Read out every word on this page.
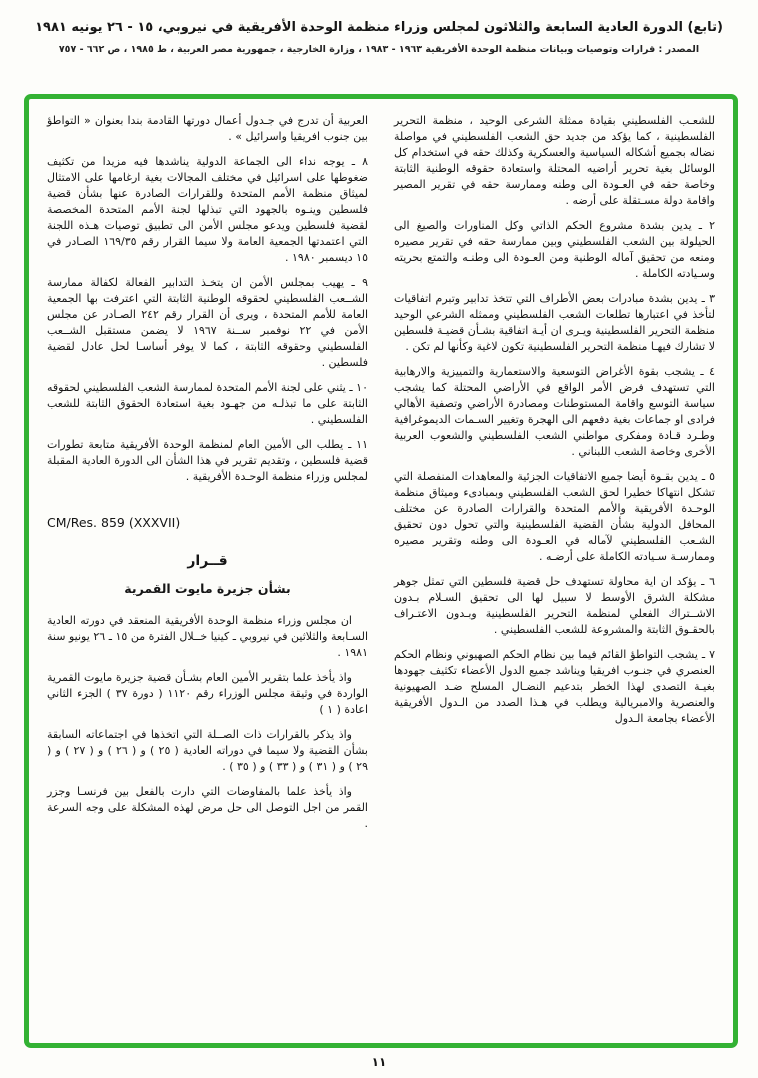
(تابع) الدورة العادية السابعة والثلاثون لمجلس وزراء منظمة الوحدة الأفريقية في نيروبي، ١٥ - ٢٦ يونيه ١٩٨١
المصدر : قرارات وتوصيات وبيانات منظمة الوحدة الأفريقية ١٩٦٣ - ١٩٨٣ ، وزارة الخارجية ، جمهورية مصر العربية ، ط ١٩٨٥ ، ص ٦٦٢ - ٧٥٧

للشعـب الفلسطيني بقيادة ممثلة الشرعى الوحيد ، منظمة التحرير الفلسطينية ، كما يؤكد من جديد حق الشعب الفلسطيني في مواصلة نضاله بجميع أشكاله السياسية والعسكرية وكذلك حقه في استخدام كل الوسائل بغية تحرير أراضيه المحتلة واستعادة حقوقه الوطنية الثابتة وخاصة حقه في العـودة الى وطنه وممارسة حقه في تقرير المصير واقامة دولة مسـتقلة على أرضه .

٢ ـ يدين بشدة مشروع الحكم الذاتي وكل المناورات والصيغ الى الحيلولة بين الشعب الفلسطيني وبين ممارسة حقه في تقرير مصيره ومنعه من تحقيق آماله الوطنية ومن العـودة الى وطنـه والتمتع بحريته وسـيادته الكاملة .

٣ ـ يدين بشدة مبادرات بعض الأطراف التي تتخذ تدابير وتبرم اتفاقيات لتأخذ في اعتبارها تطلعات الشعب الفلسطيني وممثله الشرعي الوحيد منظمة التحرير الفلسطينية ويـرى ان أيـة اتفاقية بشـأن قضيـة فلسطين لا تشارك فيهـا منظمة التحرير الفلسطينية تكون لاغية وكأنها لم تكن .

٤ ـ يشجب بقوة الأغراض التوسعية والاستعمارية والتمييزية والارهابية التي تستهدف فرض الأمر الواقع في الأراضي المحتلة كما يشجب سياسة التوسع واقامة المستوطنات ومصادرة الأراضي وتصفية الأهالي فرادى او جماعات بغية دفعهم الى الهجرة وتغيير السـمات الديموغرافية وطـرد قـادة ومفكرى مواطني الشعب الفلسطيني والشعوب العربية الأخرى وخاصة الشعب اللبناني .

٥ ـ يدين بقـوة أيضا جميع الاتفاقيات الجزئية والمعاهدات المنفصلة التي تشكل انتهاكا خطيرا لحق الشعب الفلسطيني وبمبادىء وميثاق منظمة الوحـدة الأفريقية والأمم المتحدة والقرارات الصادرة عن مختلف المحافل الدولية بشأن القضية الفلسطينية والتي تحول دون تحقيق الشـعب الفلسطيني لآماله في العـودة الى وطنه وتقرير مصيره وممارسـة سـيادته الكاملة على أرضـه .

٦ ـ يؤكد ان اية محاولة تستهدف حل قضية فلسطين التي تمثل جوهر مشكلة الشرق الأوسط لا سبيل لها الى تحقيق السـلام بـدون الاشــتراك الفعلي لمنظمة التحرير الفلسطينية وبـدون الاعتـراف بالحقـوق الثابتة والمشروعة للشعب الفلسطيني .

٧ ـ يشجب التواطؤ القائم فيما بين نظام الحكم الصهيوني ونظام الحكم العنصري في جنـوب افريقيا ويناشد جميع الدول الأعضاء تكثيف جهودها بغيـة التصدى لهذا الخطر بتدعيم النضـال المسلح ضـد الصهيونية والعنصرية والامبريالية ويطلب في هـذا الصدد من الـدول الأفريقية الأعضاء بجامعة الـدول

العربية أن تدرج في جـدول أعمال دورتها القادمة بندا بعنوان « التواطؤ بين جنوب افريقيا واسرائيل » .

٨ ـ يوجه نداء الى الجماعة الدولية يناشدها فيه مزيدا من تكثيف ضغوطها على اسرائيل في مختلف المجالات بغية ارغامها على الامتثال لميثاق منظمة الأمم المتحدة وللقرارات الصادرة عنها بشأن قضية فلسطين وينـوه بالجهود التي تبذلها لجنة الأمم المتحدة المخصصة لقضية فلسطين ويدعو مجلس الأمن الى تطبيق توصيات هـذه اللجنة التي اعتمدتها الجمعية العامة ولا سيما القرار رقم ١٦٩/٣٥ الصـادر في ١٥ ديسمبر ١٩٨٠ .

٩ ـ يهيب بمجلس الأمن ان يتخـذ التدابير الفعالة لكفالة ممارسة الشــعب الفلسطيني لحقوقه الوطنية الثابتة التي اعترفت بها الجمعية العامة للأمم المتحدة ، ويرى أن القرار رقم ٢٤٢ الصـادر عن مجلس الأمن في ٢٢ نوفمبر ســنة ١٩٦٧ لا يضمن مستقبل الشــعب الفلسطيني وحقوقه الثابتة ، كما لا يوفر أساسـا لحل عادل لقضية فلسطين .

١٠ ـ يثني على لجنة الأمم المتحدة لممارسة الشعب الفلسطيني لحقوقه الثابتة على ما تبذلـه من جهـود بغية استعادة الحقوق الثابتة للشعب الفلسطيني .

١١ ـ يطلب الى الأمين العام لمنظمة الوحدة الأفريقية متابعة تطورات قضية فلسطين ، وتقديم تقرير في هذا الشأن الى الدورة العادية المقبلة لمجلس وزراء منظمة الوحـدة الأفريقية .

CM/Res. 859 (XXXVII)
قــرار
بشأن جزيرة مايوت القمرية

ان مجلس وزراء منظمة الوحدة الأفريقية المنعقد في دورته العادية السـابعة والثلاثين في نيروبي ـ كينيا خــلال الفترة من ١٥ ـ ٢٦ يونيو سنة ١٩٨١ .

واذ يأخذ علما بتقرير الأمين العام بشـأن قضية جزيرة مايوت القمرية الواردة في وثيقة مجلس الوزراء رقم ١١٢٠ ( دورة ٣٧ ) الجزء الثاني اعادة ( ١ )

واذ يذكر بالقرارات ذات الصــلة التي اتخذها في اجتماعاته السابقة بشأن القضية ولا سيما في دوراته العادية ( ٢٥ ) و ( ٢٦ ) و ( ٢٧ ) و ( ٢٩ ) و ( ٣١ ) و ( ٣٣ ) و ( ٣٥ ) .

واذ يأخذ علما بالمفاوضات التي دارت بالفعل بين فرنسـا وجزر القمر من اجل التوصل الى حل مرض لهذه المشكلة على وجه السرعة .

١١
